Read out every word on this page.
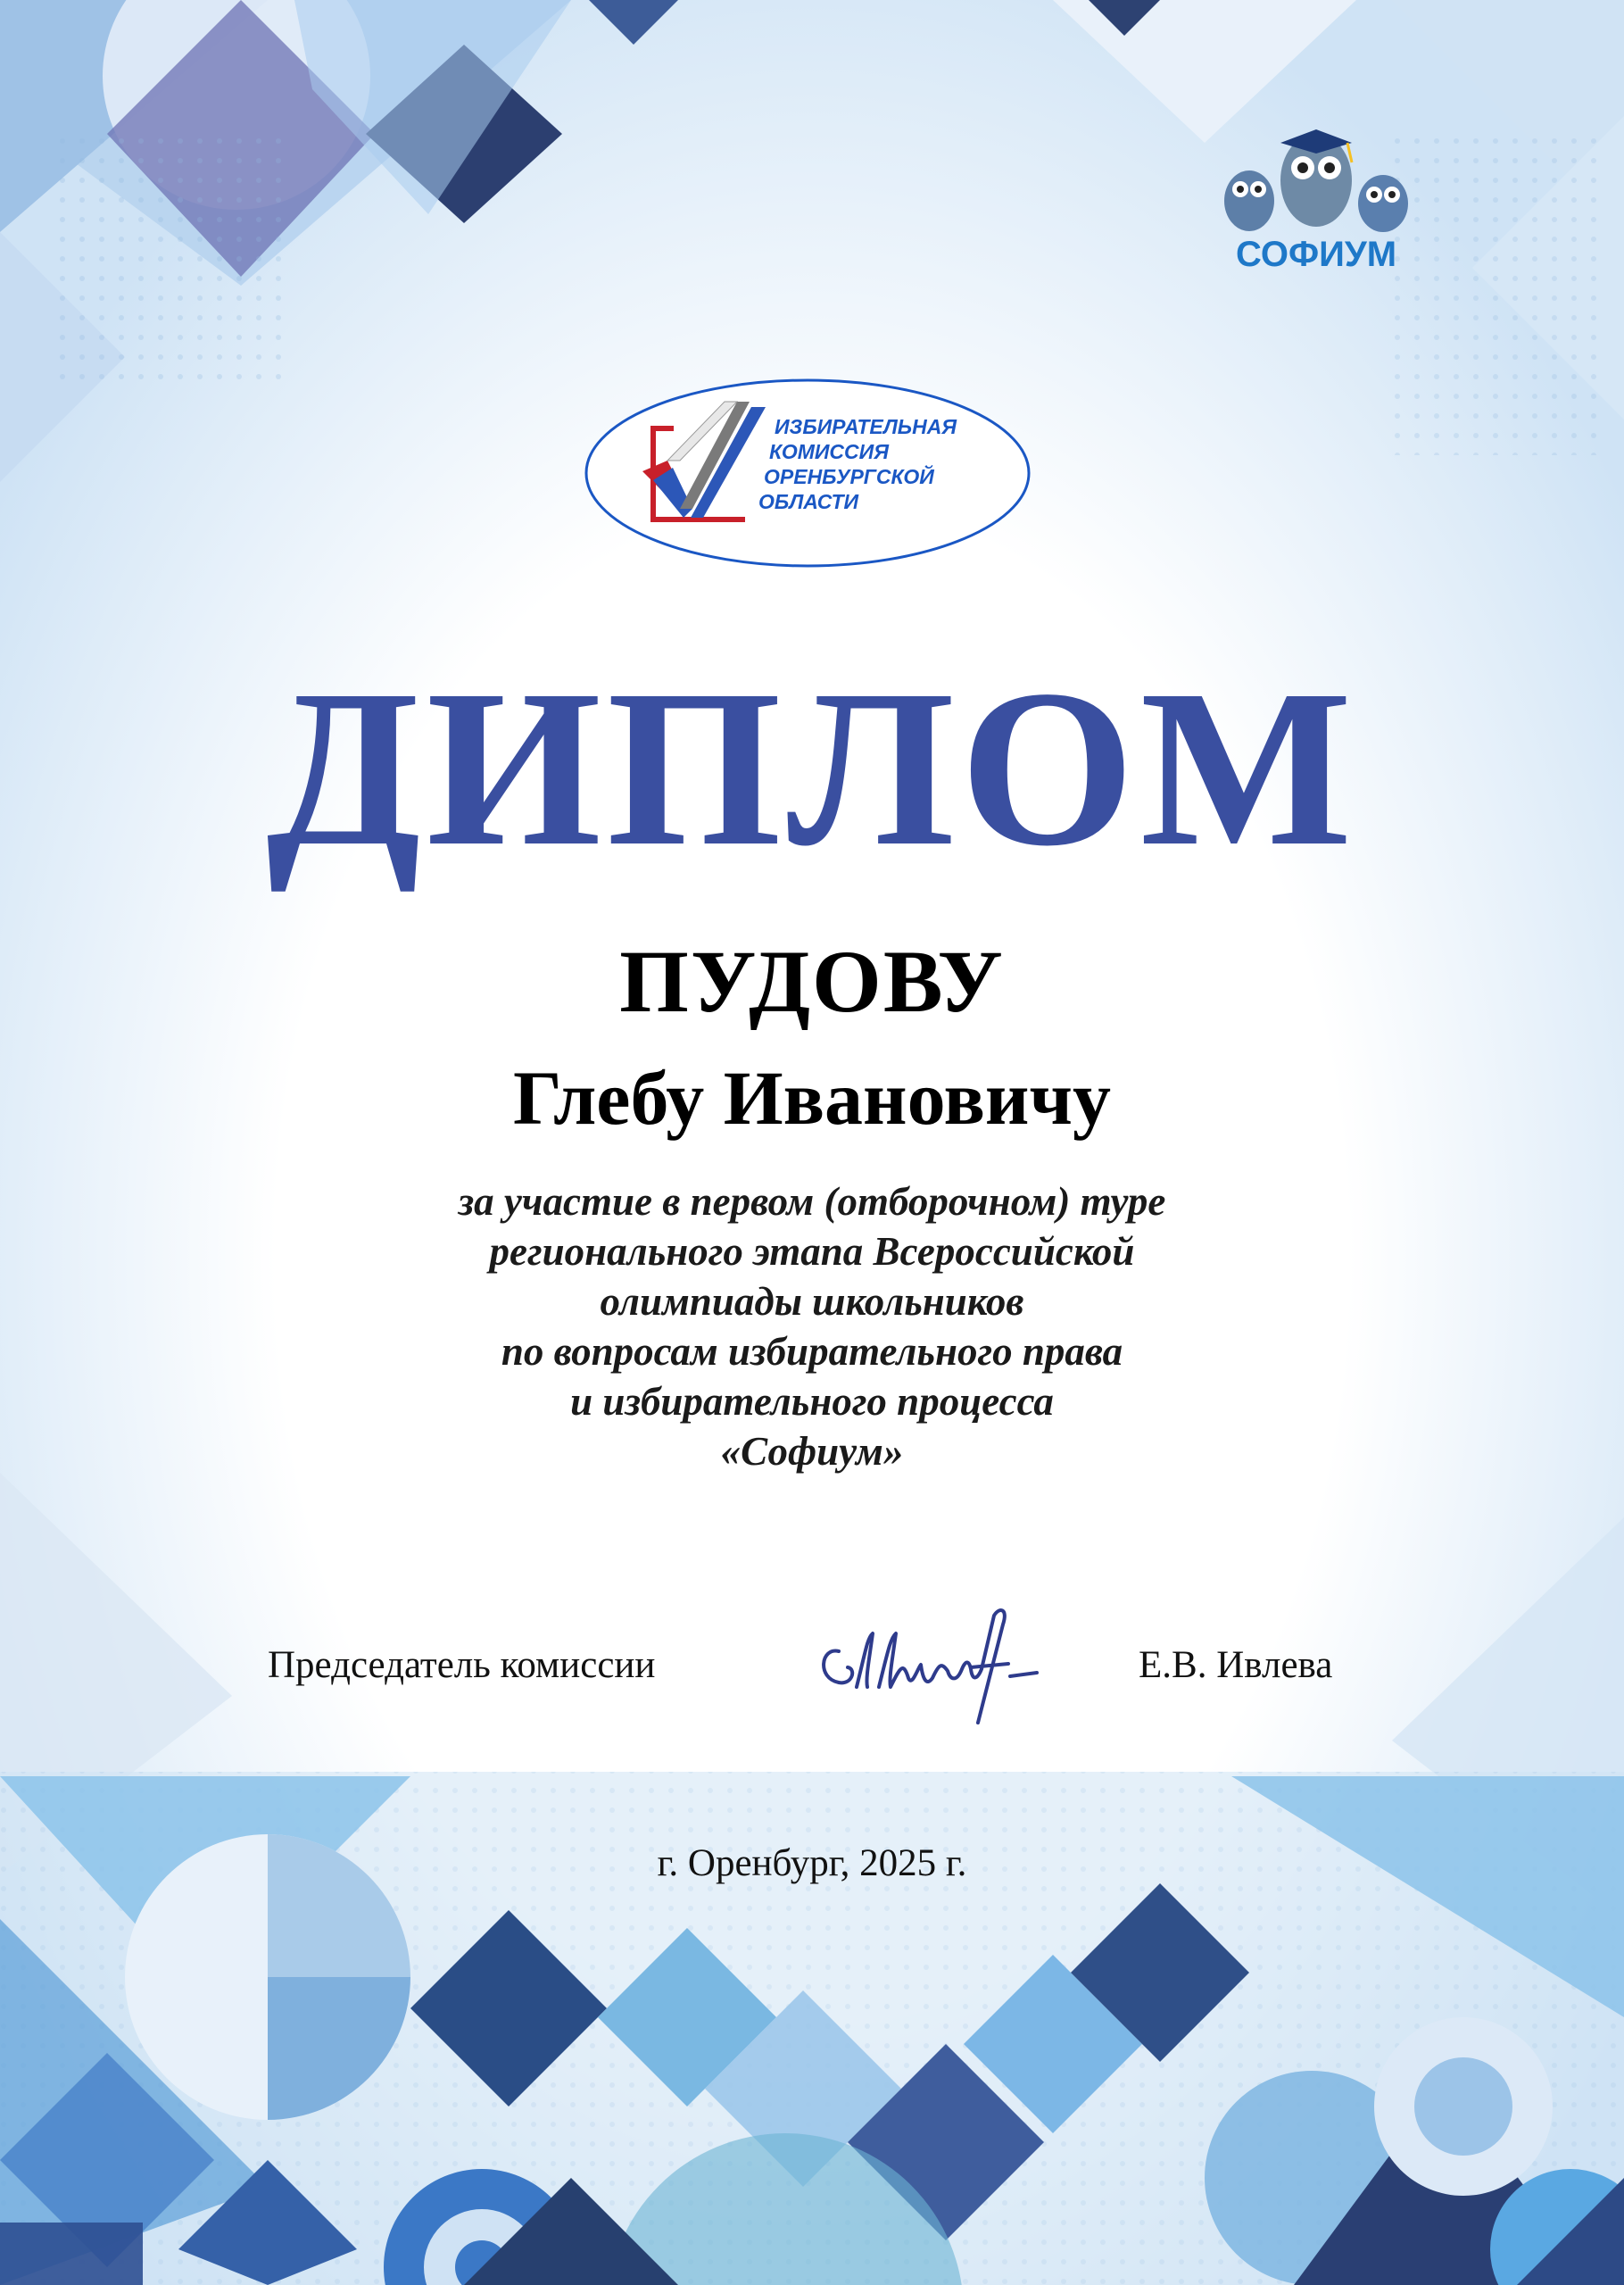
СОФИУМ
ИЗБИРАТЕЛЬНАЯ
КОМИССИЯ
ОРЕНБУРГСКОЙ
ОБЛАСТИ
ДИПЛОМ
ПУДОВУ
Глебу Ивановичу
за участие в первом (отборочном) туре
регионального этапа Всероссийской
олимпиады школьников
по вопросам избирательного права
и избирательного процесса
«Софиум»
Председатель комиссии	Е.В. Ивлева
г. Оренбург, 2025 г.
